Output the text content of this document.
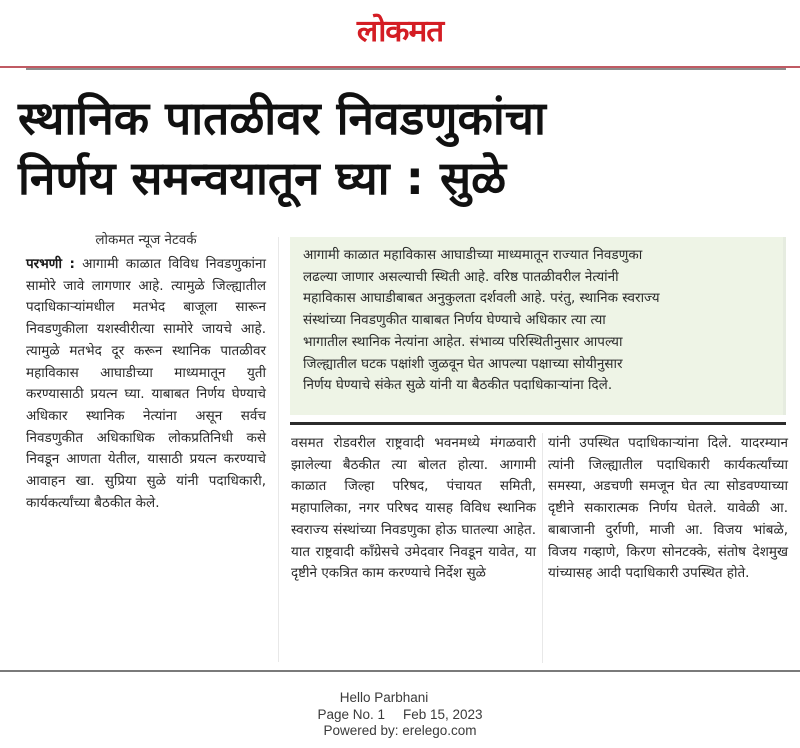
लोकमत
स्थानिक पातळीवर निवडणुकांचा
निर्णय समन्वयातून घ्या : सुळे
लोकमत न्यूज नेटवर्क
परभणी : आगामी काळात विविध निवडणुकांना सामोरे जावे लागणार आहे. त्यामुळे जिल्ह्यातील पदाधिकाऱ्यांमधील मतभेद बाजूला सारून निवडणुकीला यशस्वीरीत्या सामोरे जायचे आहे. त्यामुळे मतभेद दूर करून स्थानिक पातळीवर महाविकास आघाडीच्या माध्यमातून युती करण्यासाठी प्रयत्न घ्या. याबाबत निर्णय घेण्याचे अधिकार स्थानिक नेत्यांना असून सर्वच निवडणुकीत अधिकाधिक लोकप्रतिनिधी कसे निवडून आणता येतील, यासाठी प्रयत्न करण्याचे आवाहन खा. सुप्रिया सुळे यांनी पदाधिकारी, कार्यकर्त्यांच्या बैठकीत केले.
आगामी काळात महाविकास आघाडीच्या माध्यमातून राज्यात निवडणुका
लढल्या जाणार असल्याची स्थिती आहे. वरिष्ठ पातळीवरील नेत्यांनी
महाविकास आघाडीबाबत अनुकुलता दर्शवली आहे. परंतु, स्थानिक स्वराज्य
संस्थांच्या निवडणुकीत याबाबत निर्णय घेण्याचे अधिकार त्या त्या
भागातील स्थानिक नेत्यांना आहेत. संभाव्य परिस्थितीनुसार आपल्या
जिल्ह्यातील घटक पक्षांशी जुळवून घेत आपल्या पक्षाच्या सोयीनुसार
निर्णय घेण्याचे संकेत सुळे यांनी या बैठकीत पदाधिकाऱ्यांना दिले.
वसमत रोडवरील राष्ट्रवादी भवनमध्ये मंगळवारी झालेल्या बैठकीत त्या बोलत होत्या. आगामी काळात जिल्हा परिषद, पंचायत समिती, महापालिका, नगर परिषद यासह विविध स्थानिक स्वराज्य संस्थांच्या निवडणुका होऊ घातल्या आहेत. यात राष्ट्रवादी काँग्रेसचे उमेदवार निवडून यावेत, या दृष्टीने एकत्रित काम करण्याचे निर्देश सुळे
यांनी उपस्थित पदाधिकाऱ्यांना दिले. यादरम्यान त्यांनी जिल्ह्यातील पदाधिकारी कार्यकर्त्यांच्या समस्या, अडचणी समजून घेत त्या सोडवण्याच्या दृष्टीने सकारात्मक निर्णय घेतले. यावेळी आ. बाबाजानी दुर्राणी, माजी आ. विजय भांबळे, विजय गव्हाणे, किरण सोनटक्के, संतोष देशमुख यांच्यासह आदी पदाधिकारी उपस्थित होते.
Hello Parbhani
Page No. 1 Feb 15, 2023
Powered by: erelego.com
